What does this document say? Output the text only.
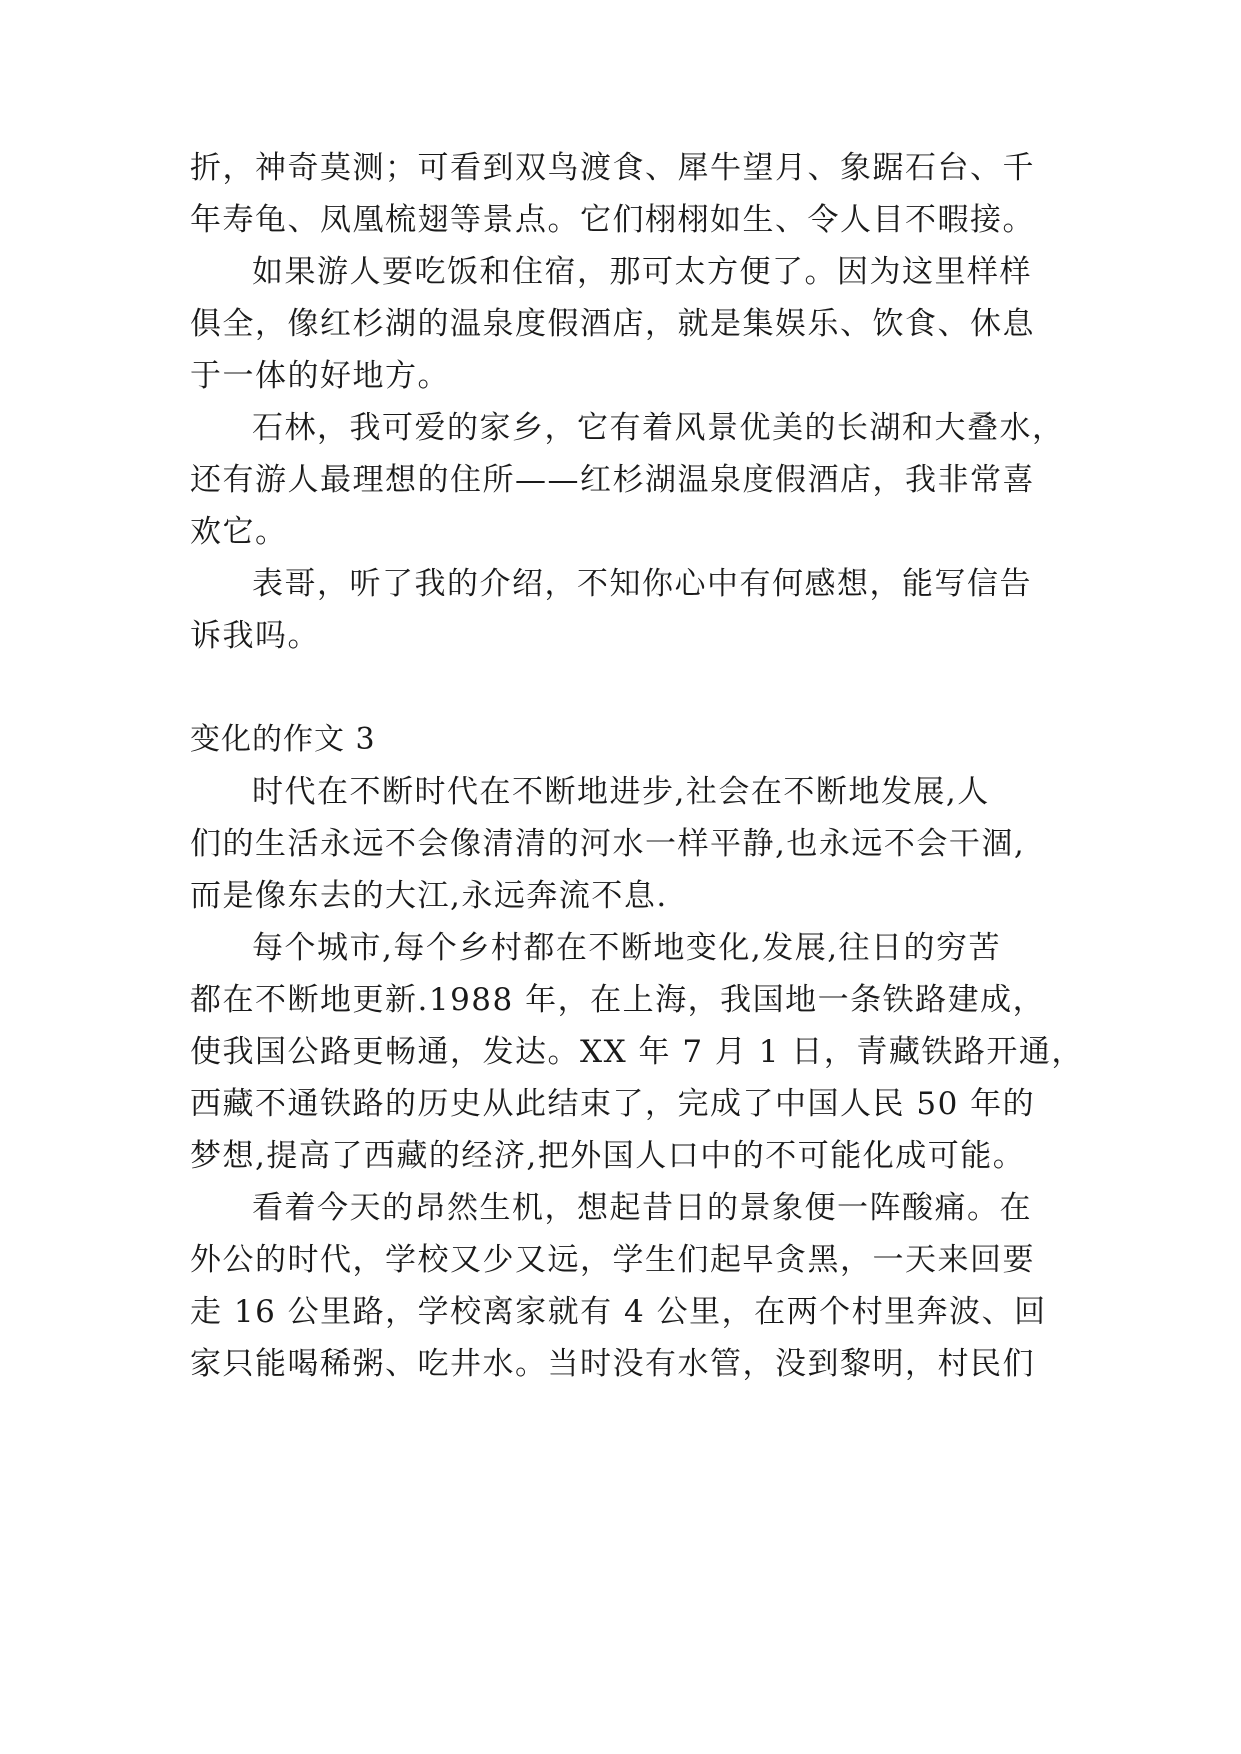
折，神奇莫测；可看到双鸟渡食、犀牛望月、象踞石台、千
年寿龟、凤凰梳翅等景点。它们栩栩如生、令人目不暇接。
如果游人要吃饭和住宿，那可太方便了。因为这里样样
俱全，像红杉湖的温泉度假酒店，就是集娱乐、饮食、休息
于一体的好地方。
石林，我可爱的家乡，它有着风景优美的长湖和大叠水，
还有游人最理想的住所——红杉湖温泉度假酒店，我非常喜
欢它。
表哥，听了我的介绍，不知你心中有何感想，能写信告
诉我吗。
变化的作文 3
时代在不断时代在不断地进步,社会在不断地发展,人
们的生活永远不会像清清的河水一样平静,也永远不会干涸,
而是像东去的大江,永远奔流不息.
每个城市,每个乡村都在不断地变化,发展,往日的穷苦
都在不断地更新.1988 年，在上海，我国地一条铁路建成，
使我国公路更畅通，发达。XX 年 7 月 1 日，青藏铁路开通，
西藏不通铁路的历史从此结束了，完成了中国人民 50 年的
梦想,提高了西藏的经济,把外国人口中的不可能化成可能。
看着今天的昂然生机，想起昔日的景象便一阵酸痛。在
外公的时代，学校又少又远，学生们起早贪黑，一天来回要
走 16 公里路，学校离家就有 4 公里，在两个村里奔波、回
家只能喝稀粥、吃井水。当时没有水管，没到黎明，村民们
